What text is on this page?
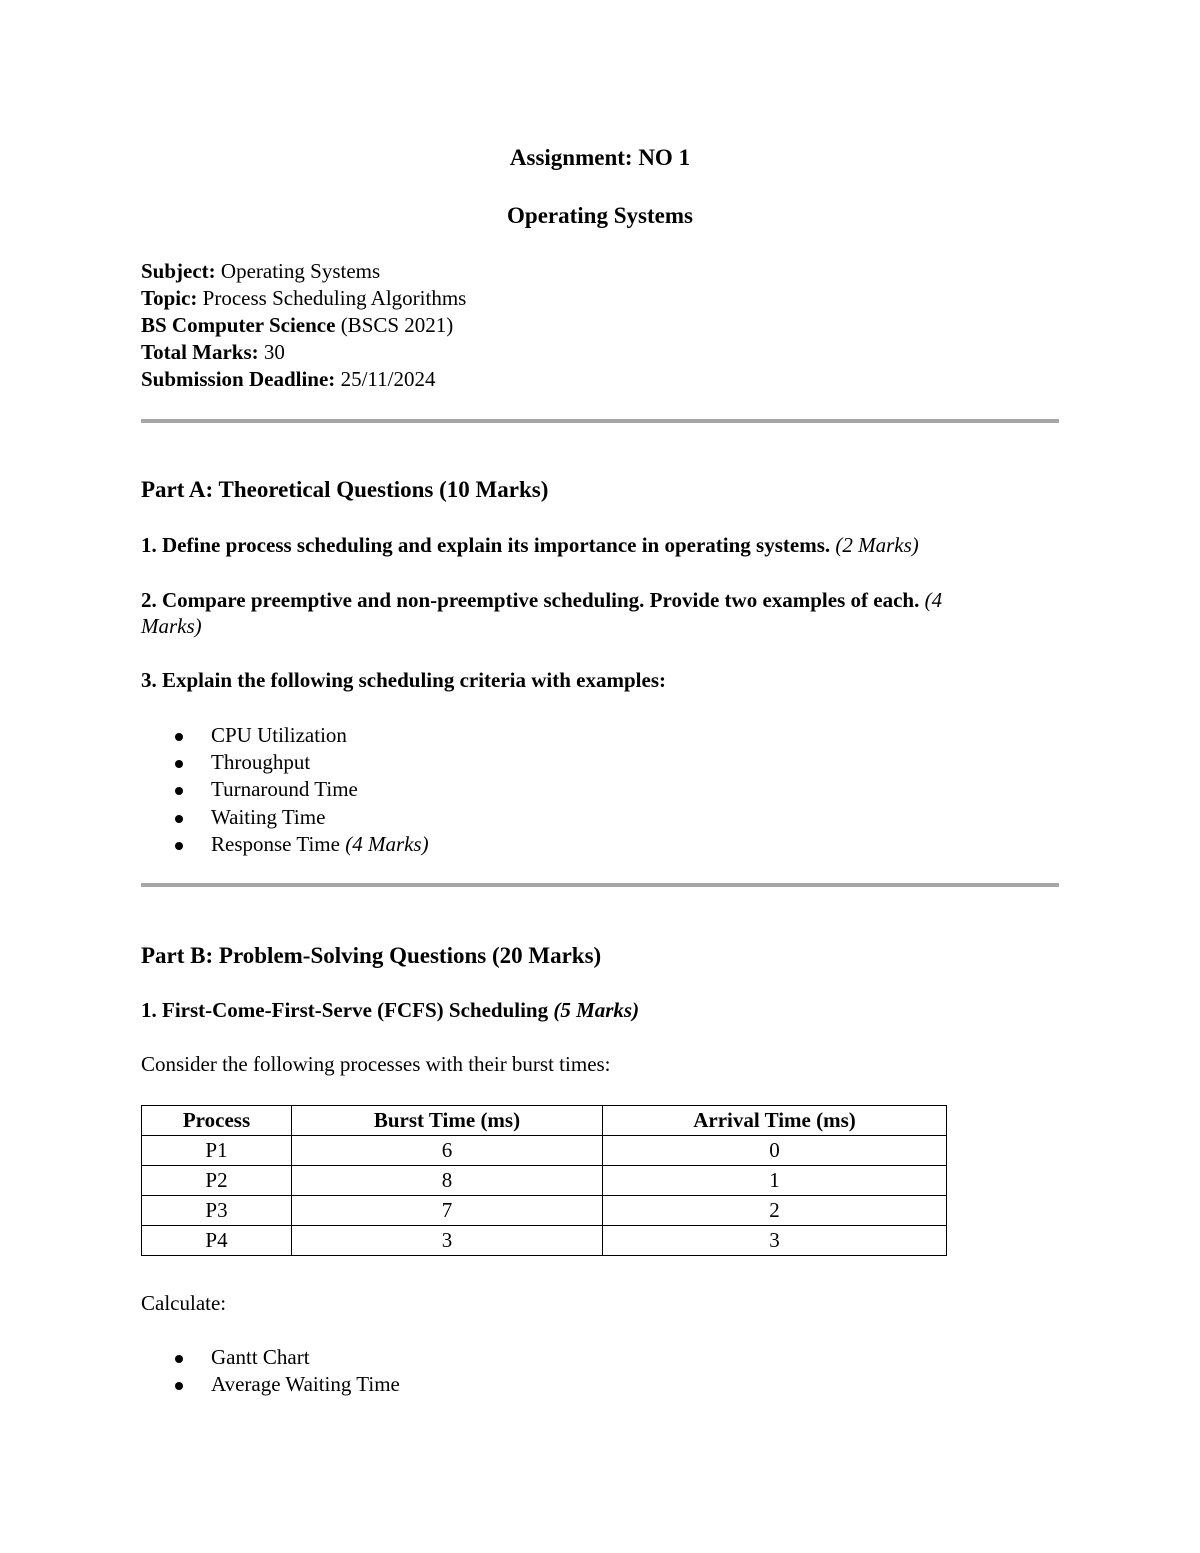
Assignment: NO 1
Operating Systems
Subject: Operating Systems
Topic: Process Scheduling Algorithms
BS Computer Science (BSCS 2021)
Total Marks: 30
Submission Deadline: 25/11/2024
Part A: Theoretical Questions (10 Marks)
1. Define process scheduling and explain its importance in operating systems. (2 Marks)
2. Compare preemptive and non-preemptive scheduling. Provide two examples of each. (4
Marks)
3. Explain the following scheduling criteria with examples:
CPU Utilization
Throughput
Turnaround Time
Waiting Time
Response Time (4 Marks)
Part B: Problem-Solving Questions (20 Marks)
1. First-Come-First-Serve (FCFS) Scheduling (5 Marks)
Consider the following processes with their burst times:
Process	Burst Time (ms)	Arrival Time (ms)
P1	6	0
P2	8	1
P3	7	2
P4	3	3
Calculate:
Gantt Chart
Average Waiting Time
